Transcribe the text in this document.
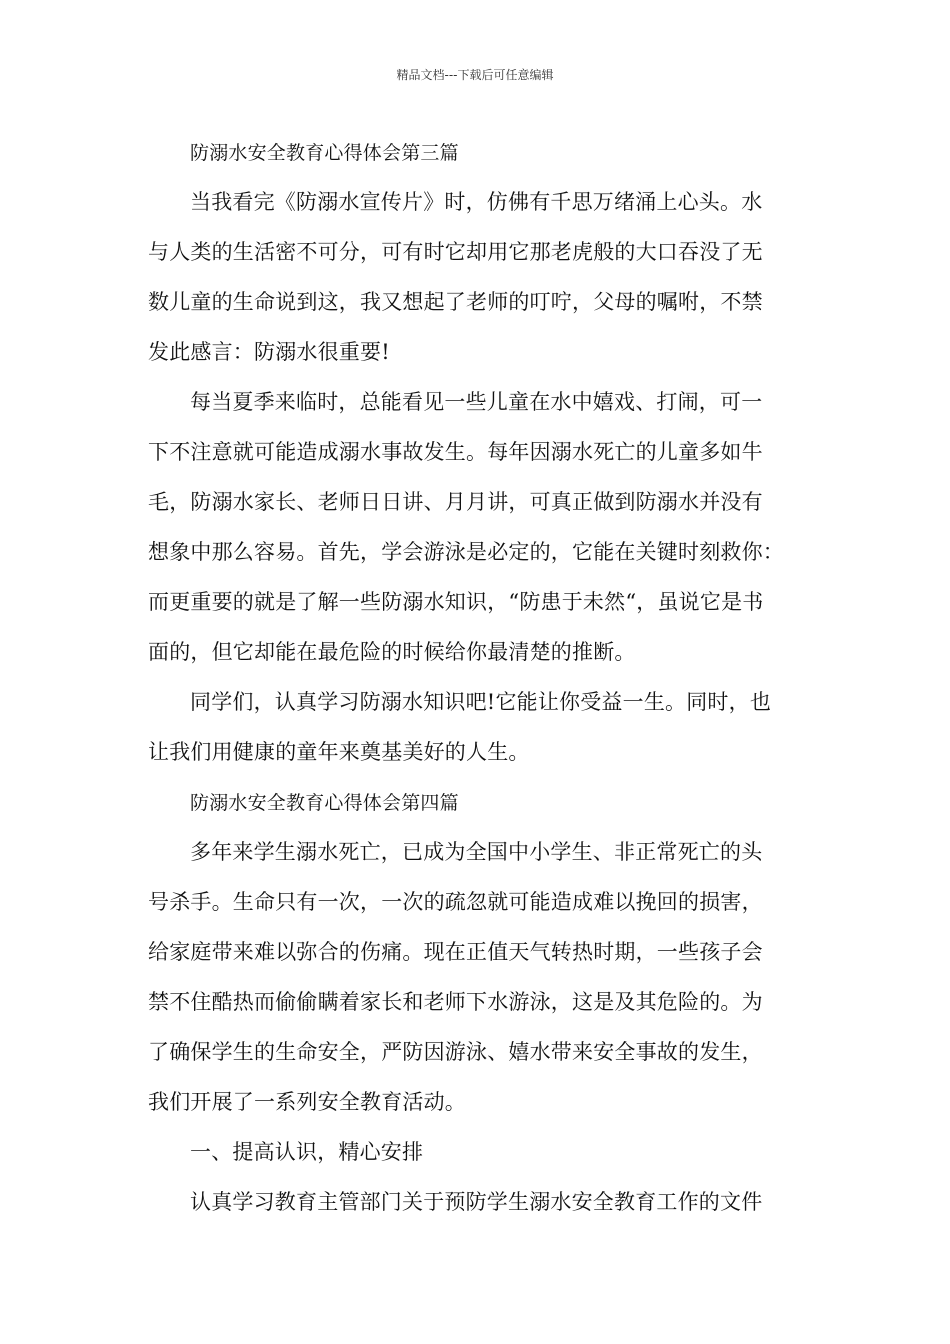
精品文档---下载后可任意编辑
防溺水安全教育心得体会第三篇
当我看完《防溺水宣传片》时，仿佛有千思万绪涌上心头。水
与人类的生活密不可分，可有时它却用它那老虎般的大口吞没了无
数儿童的生命说到这，我又想起了老师的叮咛，父母的嘱咐，不禁
发此感言：防溺水很重要!
每当夏季来临时，总能看见一些儿童在水中嬉戏、打闹，可一
下不注意就可能造成溺水事故发生。每年因溺水死亡的儿童多如牛
毛，防溺水家长、老师日日讲、月月讲，可真正做到防溺水并没有
想象中那么容易。首先，学会游泳是必定的，它能在关键时刻救你：
而更重要的就是了解一些防溺水知识，“防患于未然“，虽说它是书
面的，但它却能在最危险的时候给你最清楚的推断。
同学们，认真学习防溺水知识吧!它能让你受益一生。同时，也
让我们用健康的童年来奠基美好的人生。
防溺水安全教育心得体会第四篇
多年来学生溺水死亡，已成为全国中小学生、非正常死亡的头
号杀手。生命只有一次，一次的疏忽就可能造成难以挽回的损害，
给家庭带来难以弥合的伤痛。现在正值天气转热时期，一些孩子会
禁不住酷热而偷偷瞒着家长和老师下水游泳，这是及其危险的。为
了确保学生的生命安全，严防因游泳、嬉水带来安全事故的发生，
我们开展了一系列安全教育活动。
一、提高认识，精心安排
认真学习教育主管部门关于预防学生溺水安全教育工作的文件
